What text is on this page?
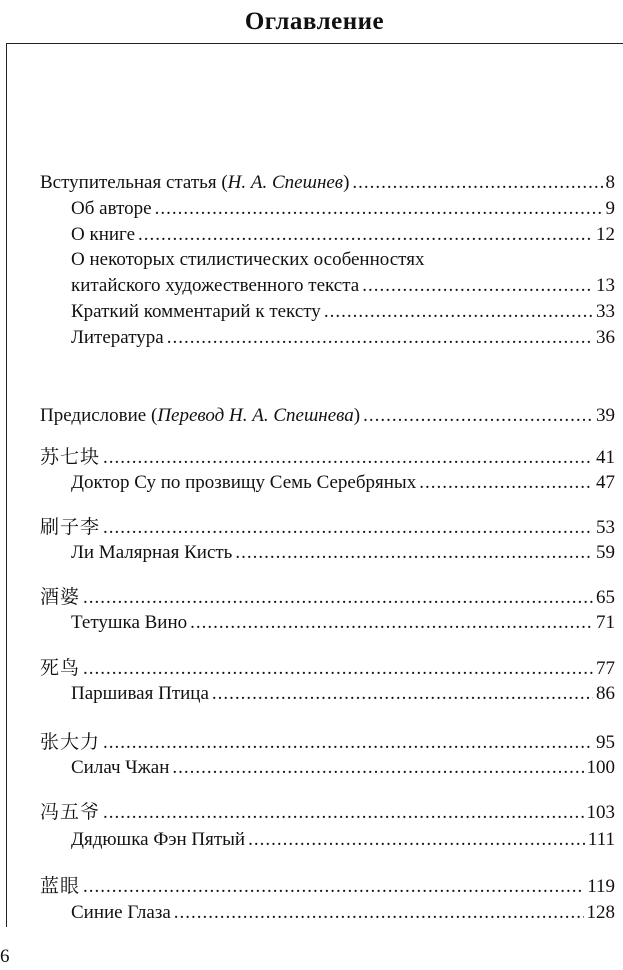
Оглавление
Вступительная статья (Н. А. Спешнев) .....	8
Об авторе .....	9
О книге .....	12
О некоторых стилистических особенностях
китайского художественного текста .....	13
Краткий комментарий к тексту .....	33
Литература .....	36
Предисловие (Перевод Н. А. Спешнева) .....	39
苏七块 .....	41
Доктор Су по прозвищу Семь Серебряных .....	47
刷子李 .....	53
Ли Малярная Кисть .....	59
酒婆 .....	65
Тетушка Вино .....	71
死鸟 .....	77
Паршивая Птица .....	86
张大力 .....	95
Силач Чжан .....	100
冯五爷 .....	103
Дядюшка Фэн Пятый .....	111
蓝眼 .....	119
Синие Глаза .....	128
6
